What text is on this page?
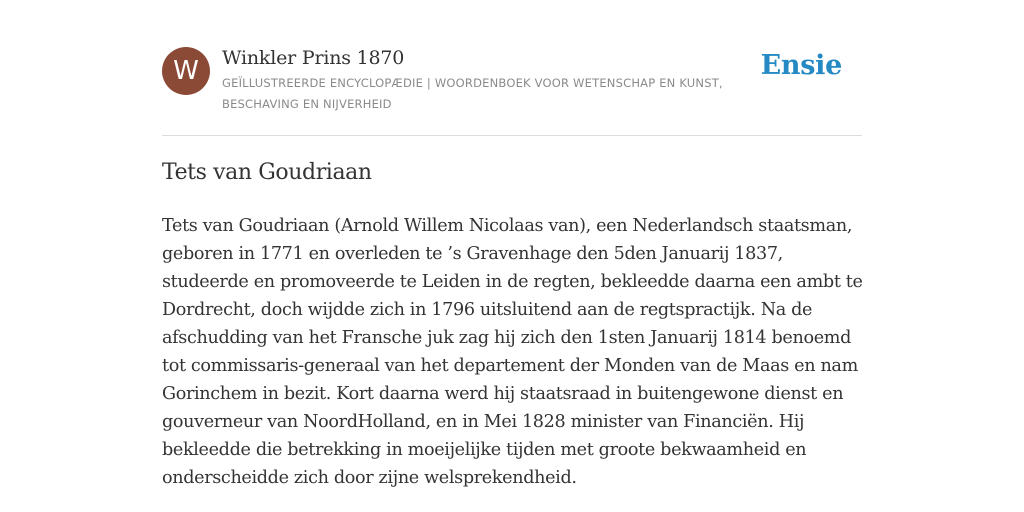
W	Winkler Prins 1870
GEÏLLUSTREERDE ENCYCLOPÆDIE | WOORDENBOEK VOOR WETENSCHAP EN KUNST, BESCHAVING EN NIJVERHEID
Ensie
Tets van Goudriaan

Tets van Goudriaan (Arnold Willem Nicolaas van), een Nederlandsch staatsman, geboren in 1771 en overleden te ’s Gravenhage den 5den Januarij 1837, studeerde en promoveerde te Leiden in de regten, bekleedde daarna een ambt te Dordrecht, doch wijdde zich in 1796 uitsluitend aan de regtspractijk. Na de afschudding van het Fransche juk zag hij zich den 1sten Januarij 1814 benoemd tot commissaris-generaal van het departement der Monden van de Maas en nam Gorinchem in bezit. Kort daarna werd hij staatsraad in buitengewone dienst en gouverneur van NoordHolland, en in Mei 1828 minister van Financiën. Hij bekleedde die betrekking in moeijelijke tijden met groote bekwaamheid en onderscheidde zich door zijne welsprekendheid.
